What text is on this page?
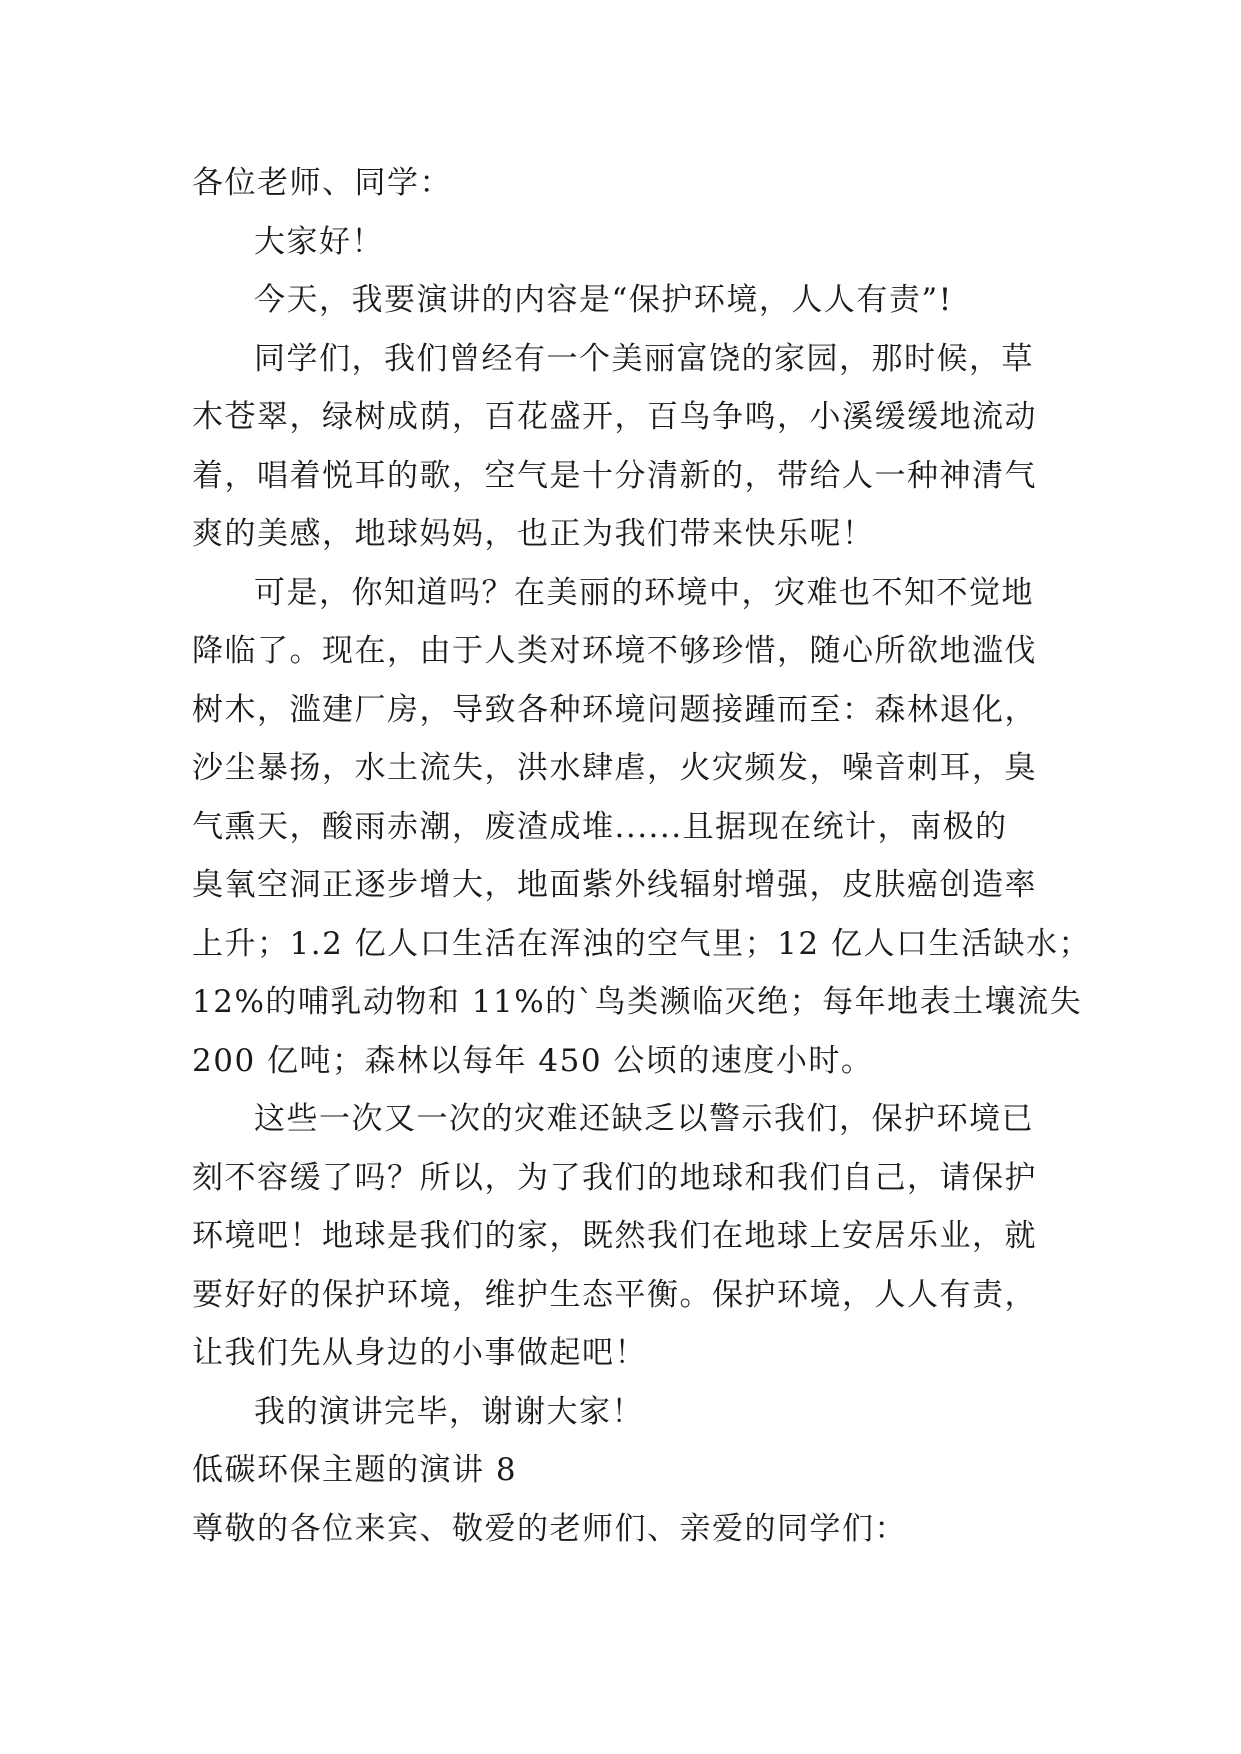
各位老师、同学：
大家好！
今天，我要演讲的内容是“保护环境，人人有责”!
同学们，我们曾经有一个美丽富饶的家园，那时候，草
木苍翠，绿树成荫，百花盛开，百鸟争鸣，小溪缓缓地流动
着，唱着悦耳的歌，空气是十分清新的，带给人一种神清气
爽的美感，地球妈妈，也正为我们带来快乐呢！
可是，你知道吗？在美丽的环境中，灾难也不知不觉地
降临了。现在，由于人类对环境不够珍惜，随心所欲地滥伐
树木，滥建厂房，导致各种环境问题接踵而至：森林退化，
沙尘暴扬，水土流失，洪水肆虐，火灾频发，噪音刺耳，臭
气熏天，酸雨赤潮，废渣成堆......且据现在统计，南极的
臭氧空洞正逐步增大，地面紫外线辐射增强，皮肤癌创造率
上升；1.2 亿人口生活在浑浊的空气里；12 亿人口生活缺水；
12%的哺乳动物和 11%的`鸟类濒临灭绝；每年地表土壤流失
200 亿吨；森林以每年 450 公顷的速度小时。
这些一次又一次的灾难还缺乏以警示我们，保护环境已
刻不容缓了吗？所以，为了我们的地球和我们自己，请保护
环境吧！地球是我们的家，既然我们在地球上安居乐业，就
要好好的保护环境，维护生态平衡。保护环境，人人有责，
让我们先从身边的小事做起吧！
我的演讲完毕，谢谢大家！
低碳环保主题的演讲 8
尊敬的各位来宾、敬爱的老师们、亲爱的同学们：
